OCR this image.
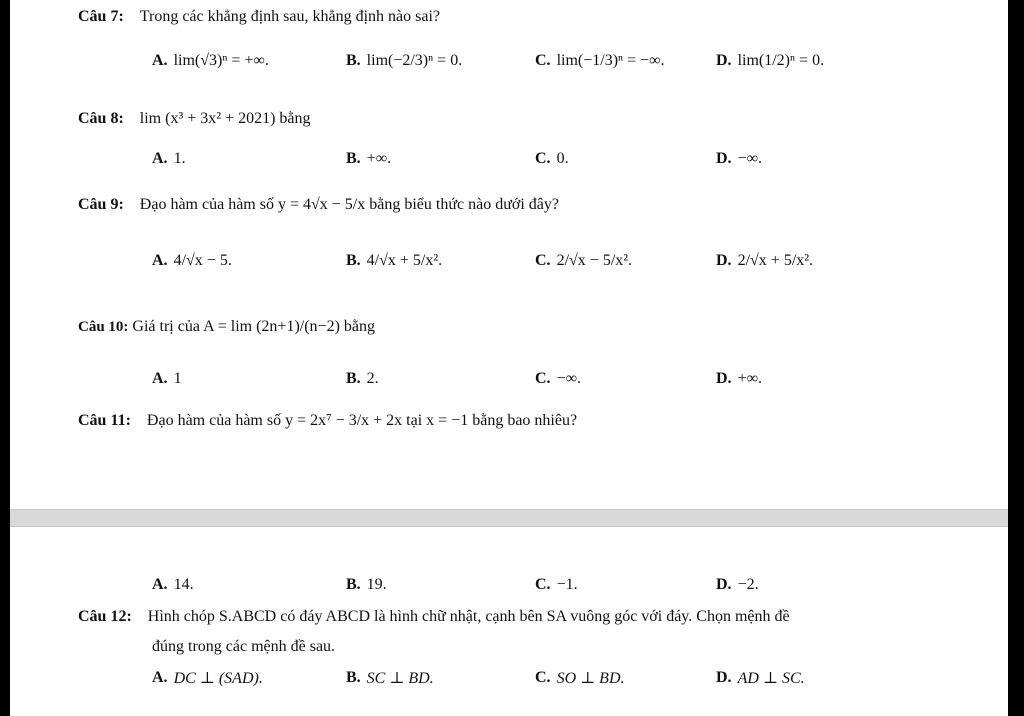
Câu 7: Trong các khẳng định sau, khẳng định nào sai?
A. lim(√3)ⁿ = +∞.	B. lim(−2/3)ⁿ = 0.	C. lim(−1/3)ⁿ = −∞.	D. lim(1/2)ⁿ = 0.
Câu 8: lim (x³ + 3x² + 2021) bằng
A. 1.	B. +∞.	C. 0.	D. −∞.
Câu 9: Đạo hàm của hàm số y = 4√x − 5/x bằng biểu thức nào dưới đây?
A. 4/√x − 5.	B. 4/√x + 5/x².	C. 2/√x − 5/x².	D. 2/√x + 5/x².
Câu 10: Giá trị của A = lim (2n+1)/(n−2) bằng
A. 1	B. 2.	C. −∞.	D. +∞.
Câu 11: Đạo hàm của hàm số y = 2x⁷ − 3/x + 2x tại x = −1 bằng bao nhiêu?
A. 14.	B. 19.	C. −1.	D. −2.
Câu 12: Hình chóp S.ABCD có đáy ABCD là hình chữ nhật, cạnh bên SA vuông góc với đáy. Chọn mệnh đề
đúng trong các mệnh đề sau.
A. DC ⊥ (SAD).	B. SC ⊥ BD.	C. SO ⊥ BD.	D. AD ⊥ SC.
